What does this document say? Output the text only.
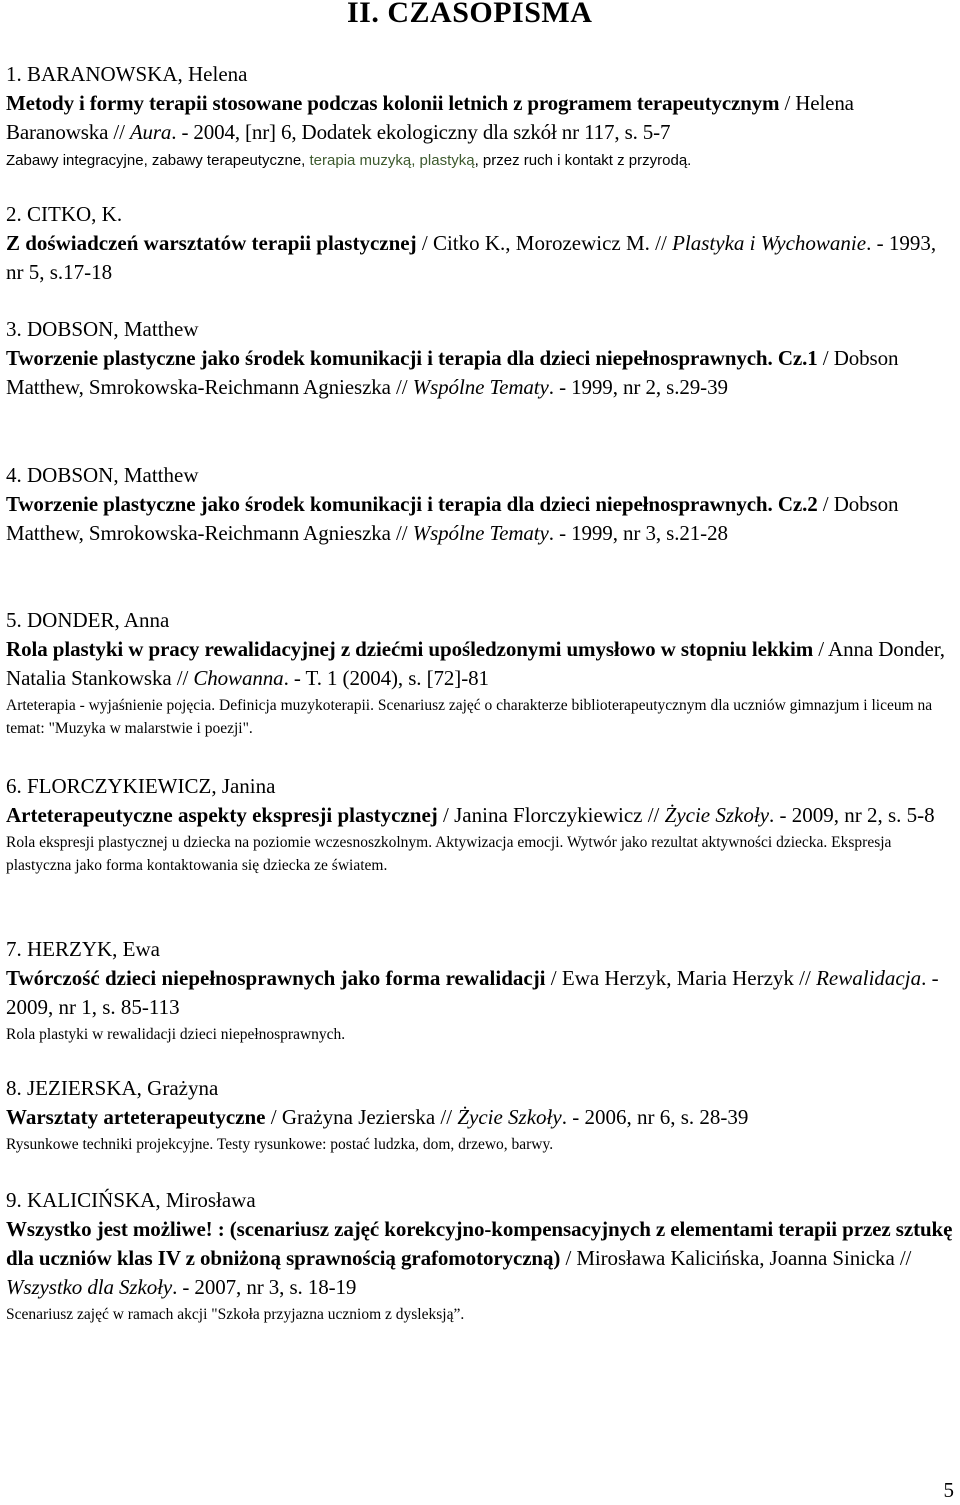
II. CZASOPISMA
1. BARANOWSKA, Helena
Metody i formy terapii stosowane podczas kolonii letnich z programem terapeutycznym / Helena Baranowska // Aura. - 2004, [nr] 6, Dodatek ekologiczny dla szkół nr 117, s. 5-7
Zabawy integracyjne, zabawy terapeutyczne, terapia muzyką, plastyką, przez ruch i kontakt z przyrodą.
2. CITKO, K.
Z doświadczeń warsztatów terapii plastycznej / Citko K., Morozewicz M. // Plastyka i Wychowanie. - 1993, nr 5, s.17-18
3. DOBSON, Matthew
Tworzenie plastyczne jako środek komunikacji i terapia dla dzieci niepełnosprawnych. Cz.1 / Dobson Matthew, Smrokowska-Reichmann Agnieszka // Wspólne Tematy. - 1999, nr 2, s.29-39
4. DOBSON, Matthew
Tworzenie plastyczne jako środek komunikacji i terapia dla dzieci niepełnosprawnych. Cz.2 / Dobson Matthew, Smrokowska-Reichmann Agnieszka // Wspólne Tematy. - 1999, nr 3, s.21-28
5. DONDER, Anna
Rola plastyki w pracy rewalidacyjnej z dziećmi upośledzonymi umysłowo w stopniu lekkim / Anna Donder, Natalia Stankowska // Chowanna. - T. 1 (2004), s. [72]-81
Arteterapia - wyjaśnienie pojęcia. Definicja muzykoterapii. Scenariusz zajęć o charakterze biblioterapeutycznym dla uczniów gimnazjum i liceum na temat: "Muzyka w malarstwie i poezji".
6. FLORCZYKIEWICZ, Janina
Arteterapeutyczne aspekty ekspresji plastycznej / Janina Florczykiewicz // Życie Szkoły. - 2009, nr 2, s. 5-8
Rola ekspresji plastycznej u dziecka na poziomie wczesnoszkolnym. Aktywizacja emocji. Wytwór jako rezultat aktywności dziecka. Ekspresja plastyczna jako forma kontaktowania się dziecka ze światem.
7. HERZYK, Ewa
Twórczość dzieci niepełnosprawnych jako forma rewalidacji / Ewa Herzyk, Maria Herzyk // Rewalidacja. - 2009, nr 1, s. 85-113
Rola plastyki w rewalidacji dzieci niepełnosprawnych.
8. JEZIERSKA, Grażyna
Warsztaty arteterapeutyczne / Grażyna Jezierska // Życie Szkoły. - 2006, nr 6, s. 28-39
Rysunkowe techniki projekcyjne. Testy rysunkowe: postać ludzka, dom, drzewo, barwy.
9. KALICIŃSKA, Mirosława
Wszystko jest możliwe! : (scenariusz zajęć korekcyjno-kompensacyjnych z elementami terapii przez sztukę dla uczniów klas IV z obniżoną sprawnością grafomotoryczną) / Mirosława Kalicińska, Joanna Sinicka // Wszystko dla Szkoły. - 2007, nr 3, s. 18-19
Scenariusz zajęć w ramach akcji "Szkoła przyjazna uczniom z dysleksją”.
5
